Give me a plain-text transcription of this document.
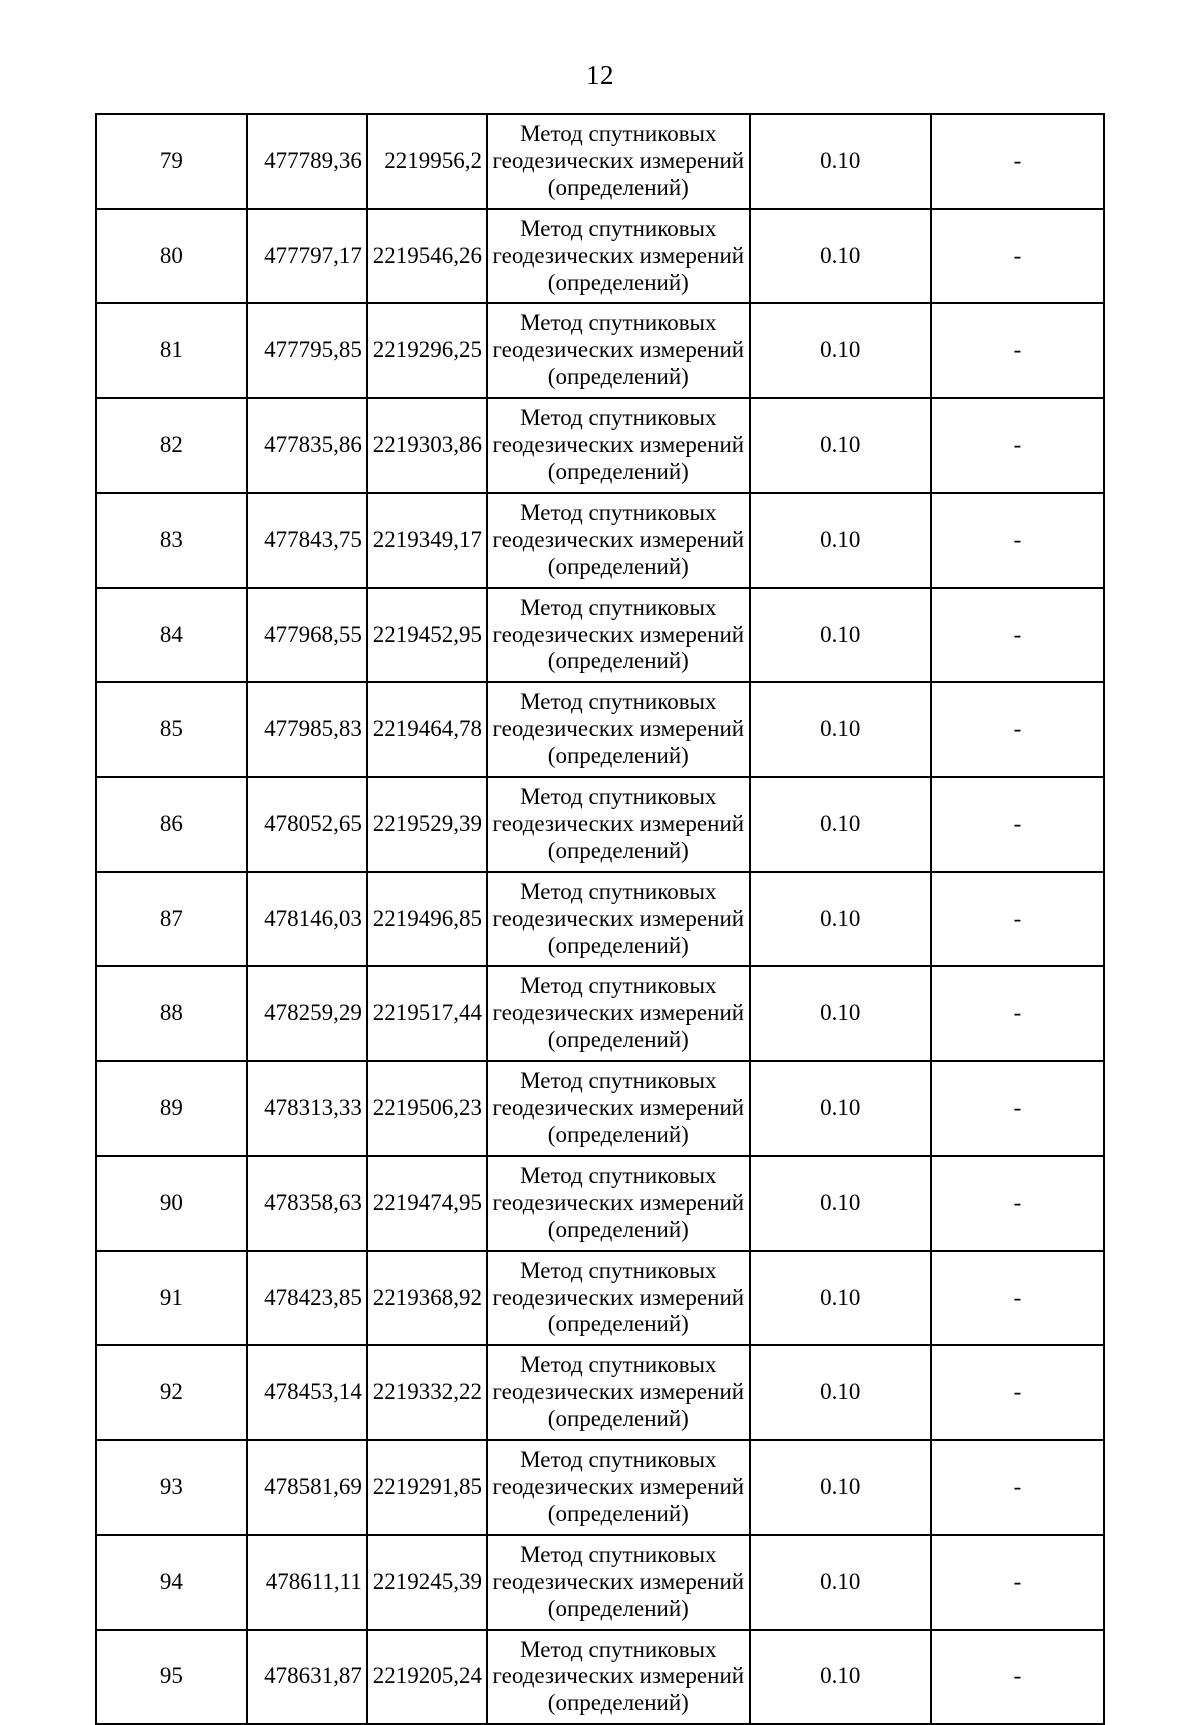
12
79	477789,36	2219956,2	Метод спутниковых
геодезических измерений
(определений)	0.10	-
80	477797,17	2219546,26	Метод спутниковых
геодезических измерений
(определений)	0.10	-
81	477795,85	2219296,25	Метод спутниковых
геодезических измерений
(определений)	0.10	-
82	477835,86	2219303,86	Метод спутниковых
геодезических измерений
(определений)	0.10	-
83	477843,75	2219349,17	Метод спутниковых
геодезических измерений
(определений)	0.10	-
84	477968,55	2219452,95	Метод спутниковых
геодезических измерений
(определений)	0.10	-
85	477985,83	2219464,78	Метод спутниковых
геодезических измерений
(определений)	0.10	-
86	478052,65	2219529,39	Метод спутниковых
геодезических измерений
(определений)	0.10	-
87	478146,03	2219496,85	Метод спутниковых
геодезических измерений
(определений)	0.10	-
88	478259,29	2219517,44	Метод спутниковых
геодезических измерений
(определений)	0.10	-
89	478313,33	2219506,23	Метод спутниковых
геодезических измерений
(определений)	0.10	-
90	478358,63	2219474,95	Метод спутниковых
геодезических измерений
(определений)	0.10	-
91	478423,85	2219368,92	Метод спутниковых
геодезических измерений
(определений)	0.10	-
92	478453,14	2219332,22	Метод спутниковых
геодезических измерений
(определений)	0.10	-
93	478581,69	2219291,85	Метод спутниковых
геодезических измерений
(определений)	0.10	-
94	478611,11	2219245,39	Метод спутниковых
геодезических измерений
(определений)	0.10	-
95	478631,87	2219205,24	Метод спутниковых
геодезических измерений
(определений)	0.10	-
